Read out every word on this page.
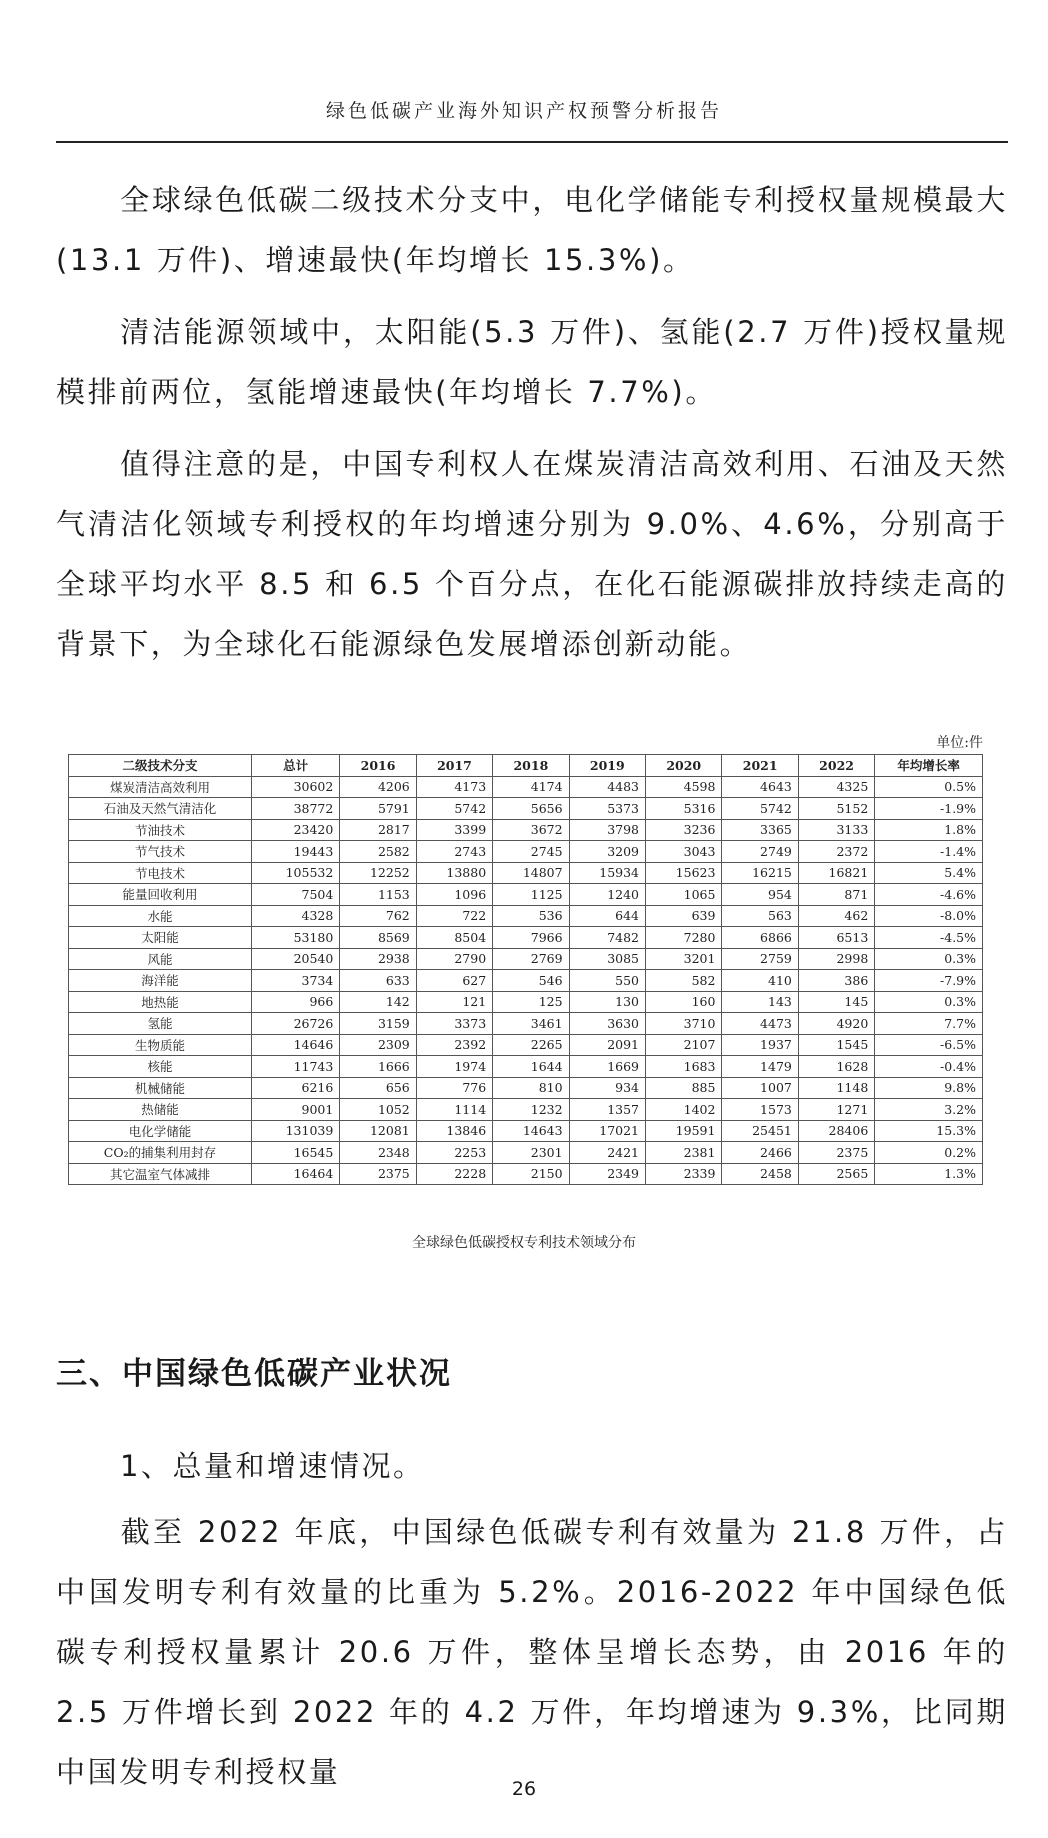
绿色低碳产业海外知识产权预警分析报告

全球绿色低碳二级技术分支中，电化学储能专利授权量规模最大(13.1 万件)、增速最快(年均增长 15.3%)。

清洁能源领域中，太阳能(5.3 万件)、氢能(2.7 万件)授权量规模排前两位，氢能增速最快(年均增长 7.7%)。

值得注意的是，中国专利权人在煤炭清洁高效利用、石油及天然气清洁化领域专利授权的年均增速分别为 9.0%、4.6%，分别高于全球平均水平 8.5 和 6.5 个百分点，在化石能源碳排放持续走高的背景下，为全球化石能源绿色发展增添创新动能。

单位:件
二级技术分支	总计	2016	2017	2018	2019	2020	2021	2022	年均增长率
煤炭清洁高效利用	30602	4206	4173	4174	4483	4598	4643	4325	0.5%
石油及天然气清洁化	38772	5791	5742	5656	5373	5316	5742	5152	-1.9%
节油技术	23420	2817	3399	3672	3798	3236	3365	3133	1.8%
节气技术	19443	2582	2743	2745	3209	3043	2749	2372	-1.4%
节电技术	105532	12252	13880	14807	15934	15623	16215	16821	5.4%
能量回收利用	7504	1153	1096	1125	1240	1065	954	871	-4.6%
水能	4328	762	722	536	644	639	563	462	-8.0%
太阳能	53180	8569	8504	7966	7482	7280	6866	6513	-4.5%
风能	20540	2938	2790	2769	3085	3201	2759	2998	0.3%
海洋能	3734	633	627	546	550	582	410	386	-7.9%
地热能	966	142	121	125	130	160	143	145	0.3%
氢能	26726	3159	3373	3461	3630	3710	4473	4920	7.7%
生物质能	14646	2309	2392	2265	2091	2107	1937	1545	-6.5%
核能	11743	1666	1974	1644	1669	1683	1479	1628	-0.4%
机械储能	6216	656	776	810	934	885	1007	1148	9.8%
热储能	9001	1052	1114	1232	1357	1402	1573	1271	3.2%
电化学储能	131039	12081	13846	14643	17021	19591	25451	28406	15.3%
CO₂的捕集利用封存	16545	2348	2253	2301	2421	2381	2466	2375	0.2%
其它温室气体减排	16464	2375	2228	2150	2349	2339	2458	2565	1.3%
全球绿色低碳授权专利技术领域分布
三、中国绿色低碳产业状况
1、总量和增速情况。

截至 2022 年底，中国绿色低碳专利有效量为 21.8 万件，占中国发明专利有效量的比重为 5.2%。2016-2022 年中国绿色低碳专利授权量累计 20.6 万件，整体呈增长态势，由 2016 年的 2.5 万件增长到 2022 年的 4.2 万件，年均增速为 9.3%，比同期中国发明专利授权量	26
